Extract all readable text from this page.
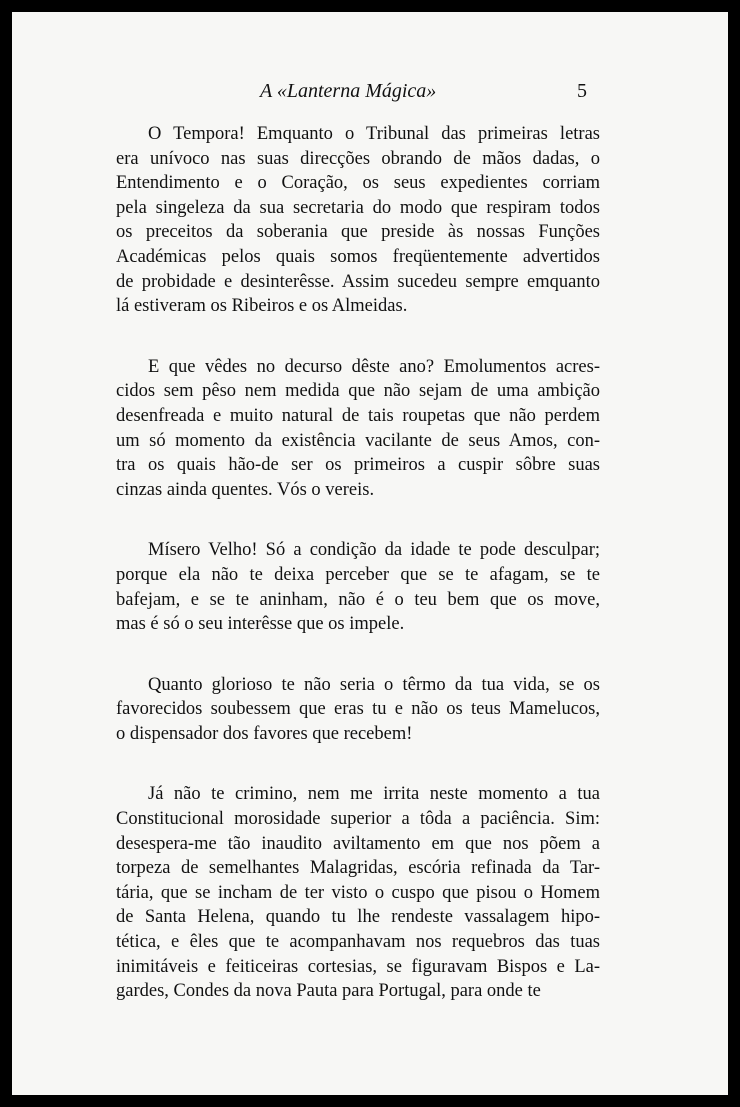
A «Lanterna Mágica»	5

O Tempora! Emquanto o Tribunal das primeiras letras
era unívoco nas suas direcções obrando de mãos dadas, o
Entendimento e o Coração, os seus expedientes corriam
pela singeleza da sua secretaria do modo que respiram todos
os preceitos da soberania que preside às nossas Funções
Académicas pelos quais somos freqüentemente advertidos
de probidade e desinterêsse. Assim sucedeu sempre emquanto
lá estiveram os Ribeiros e os Almeidas.

E que vêdes no decurso dêste ano? Emolumentos acres-
cidos sem pêso nem medida que não sejam de uma ambição
desenfreada e muito natural de tais roupetas que não perdem
um só momento da existência vacilante de seus Amos, con-
tra os quais hão-de ser os primeiros a cuspir sôbre suas
cinzas ainda quentes. Vós o vereis.

Mísero Velho! Só a condição da idade te pode desculpar;
porque ela não te deixa perceber que se te afagam, se te
bafejam, e se te aninham, não é o teu bem que os move,
mas é só o seu interêsse que os impele.

Quanto glorioso te não seria o têrmo da tua vida, se os
favorecidos soubessem que eras tu e não os teus Mamelucos,
o dispensador dos favores que recebem!

Já não te crimino, nem me irrita neste momento a tua
Constitucional morosidade superior a tôda a paciência. Sim:
desespera-me tão inaudito aviltamento em que nos põem a
torpeza de semelhantes Malagridas, escória refinada da Tar-
tária, que se incham de ter visto o cuspo que pisou o Homem
de Santa Helena, quando tu lhe rendeste vassalagem hipo-
tética, e êles que te acompanhavam nos requebros das tuas
inimitáveis e feiticeiras cortesias, se figuravam Bispos e La-
gardes, Condes da nova Pauta para Portugal, para onde te
